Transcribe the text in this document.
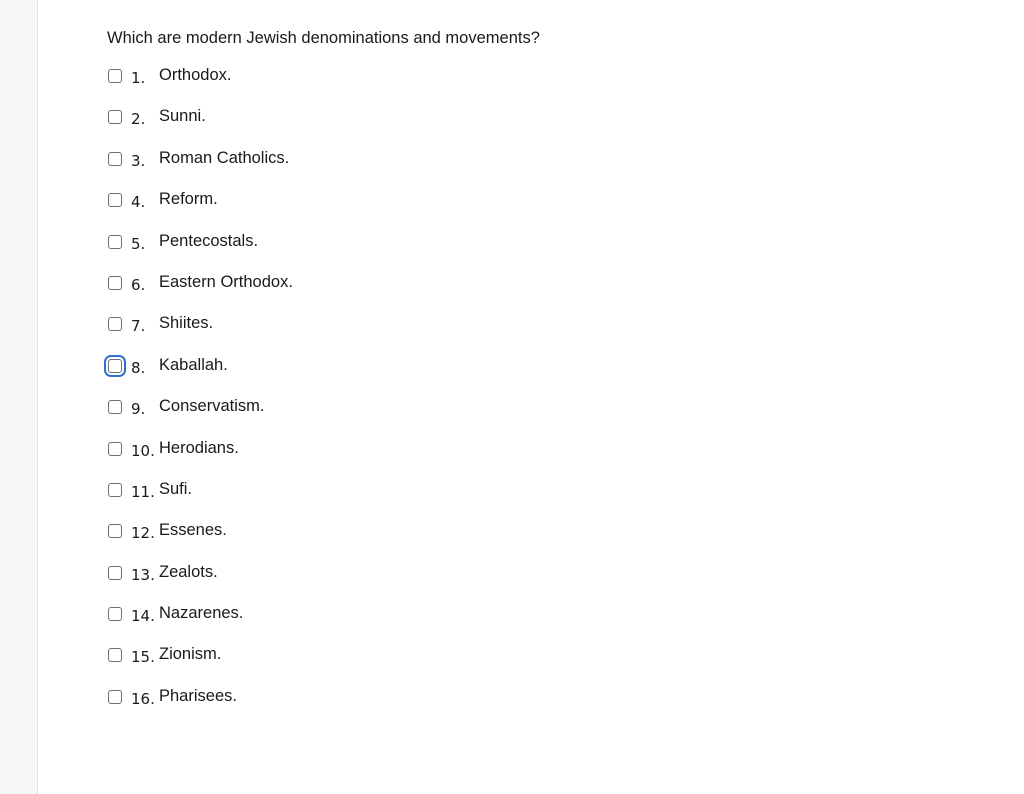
Which are modern Jewish denominations and movements?

1. Orthodox.
2. Sunni.
3. Roman Catholics.
4. Reform.
5. Pentecostals.
6. Eastern Orthodox.
7. Shiites.
8. Kaballah.
9. Conservatism.
10. Herodians.
11. Sufi.
12. Essenes.
13. Zealots.
14. Nazarenes.
15. Zionism.
16. Pharisees.
